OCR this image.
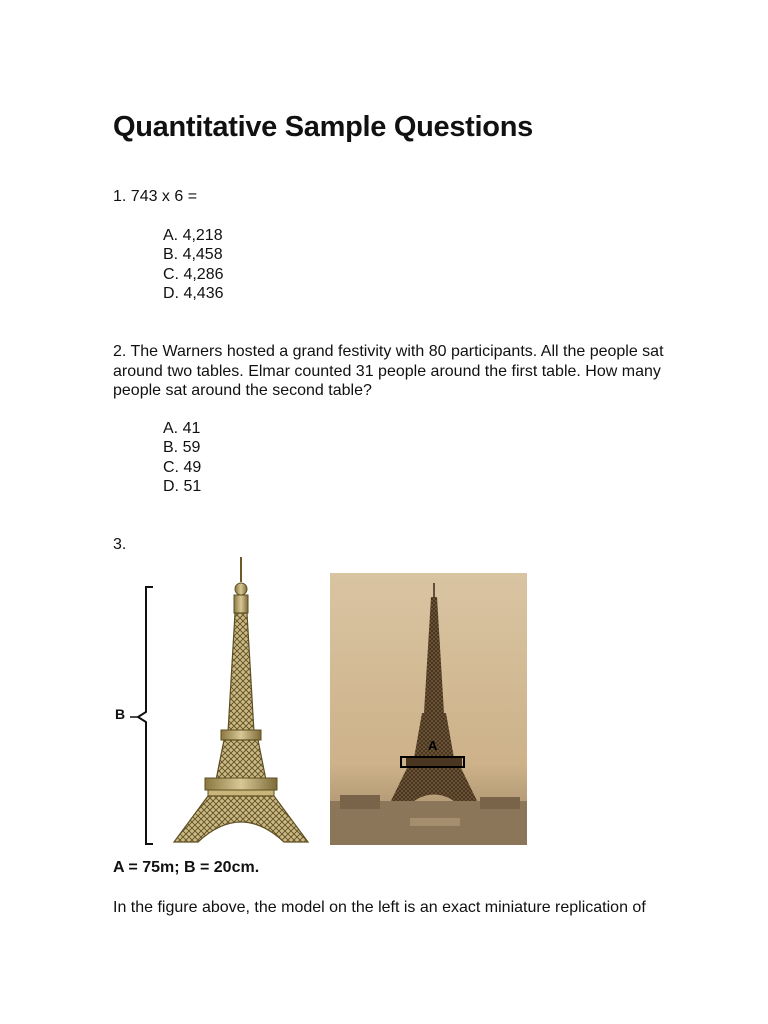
Quantitative Sample Questions
1. 743 x 6 =
A. 4,218
B. 4,458
C. 4,286
D. 4,436
2. The Warners hosted a grand festivity with 80 participants. All the people sat around two tables. Elmar counted 31 people around the first table. How many people sat around the second table?
A. 41
B. 59
C. 49
D. 51
3.
B
A
A = 75m; B = 20cm.
In the figure above, the model on the left is an exact miniature replication of
